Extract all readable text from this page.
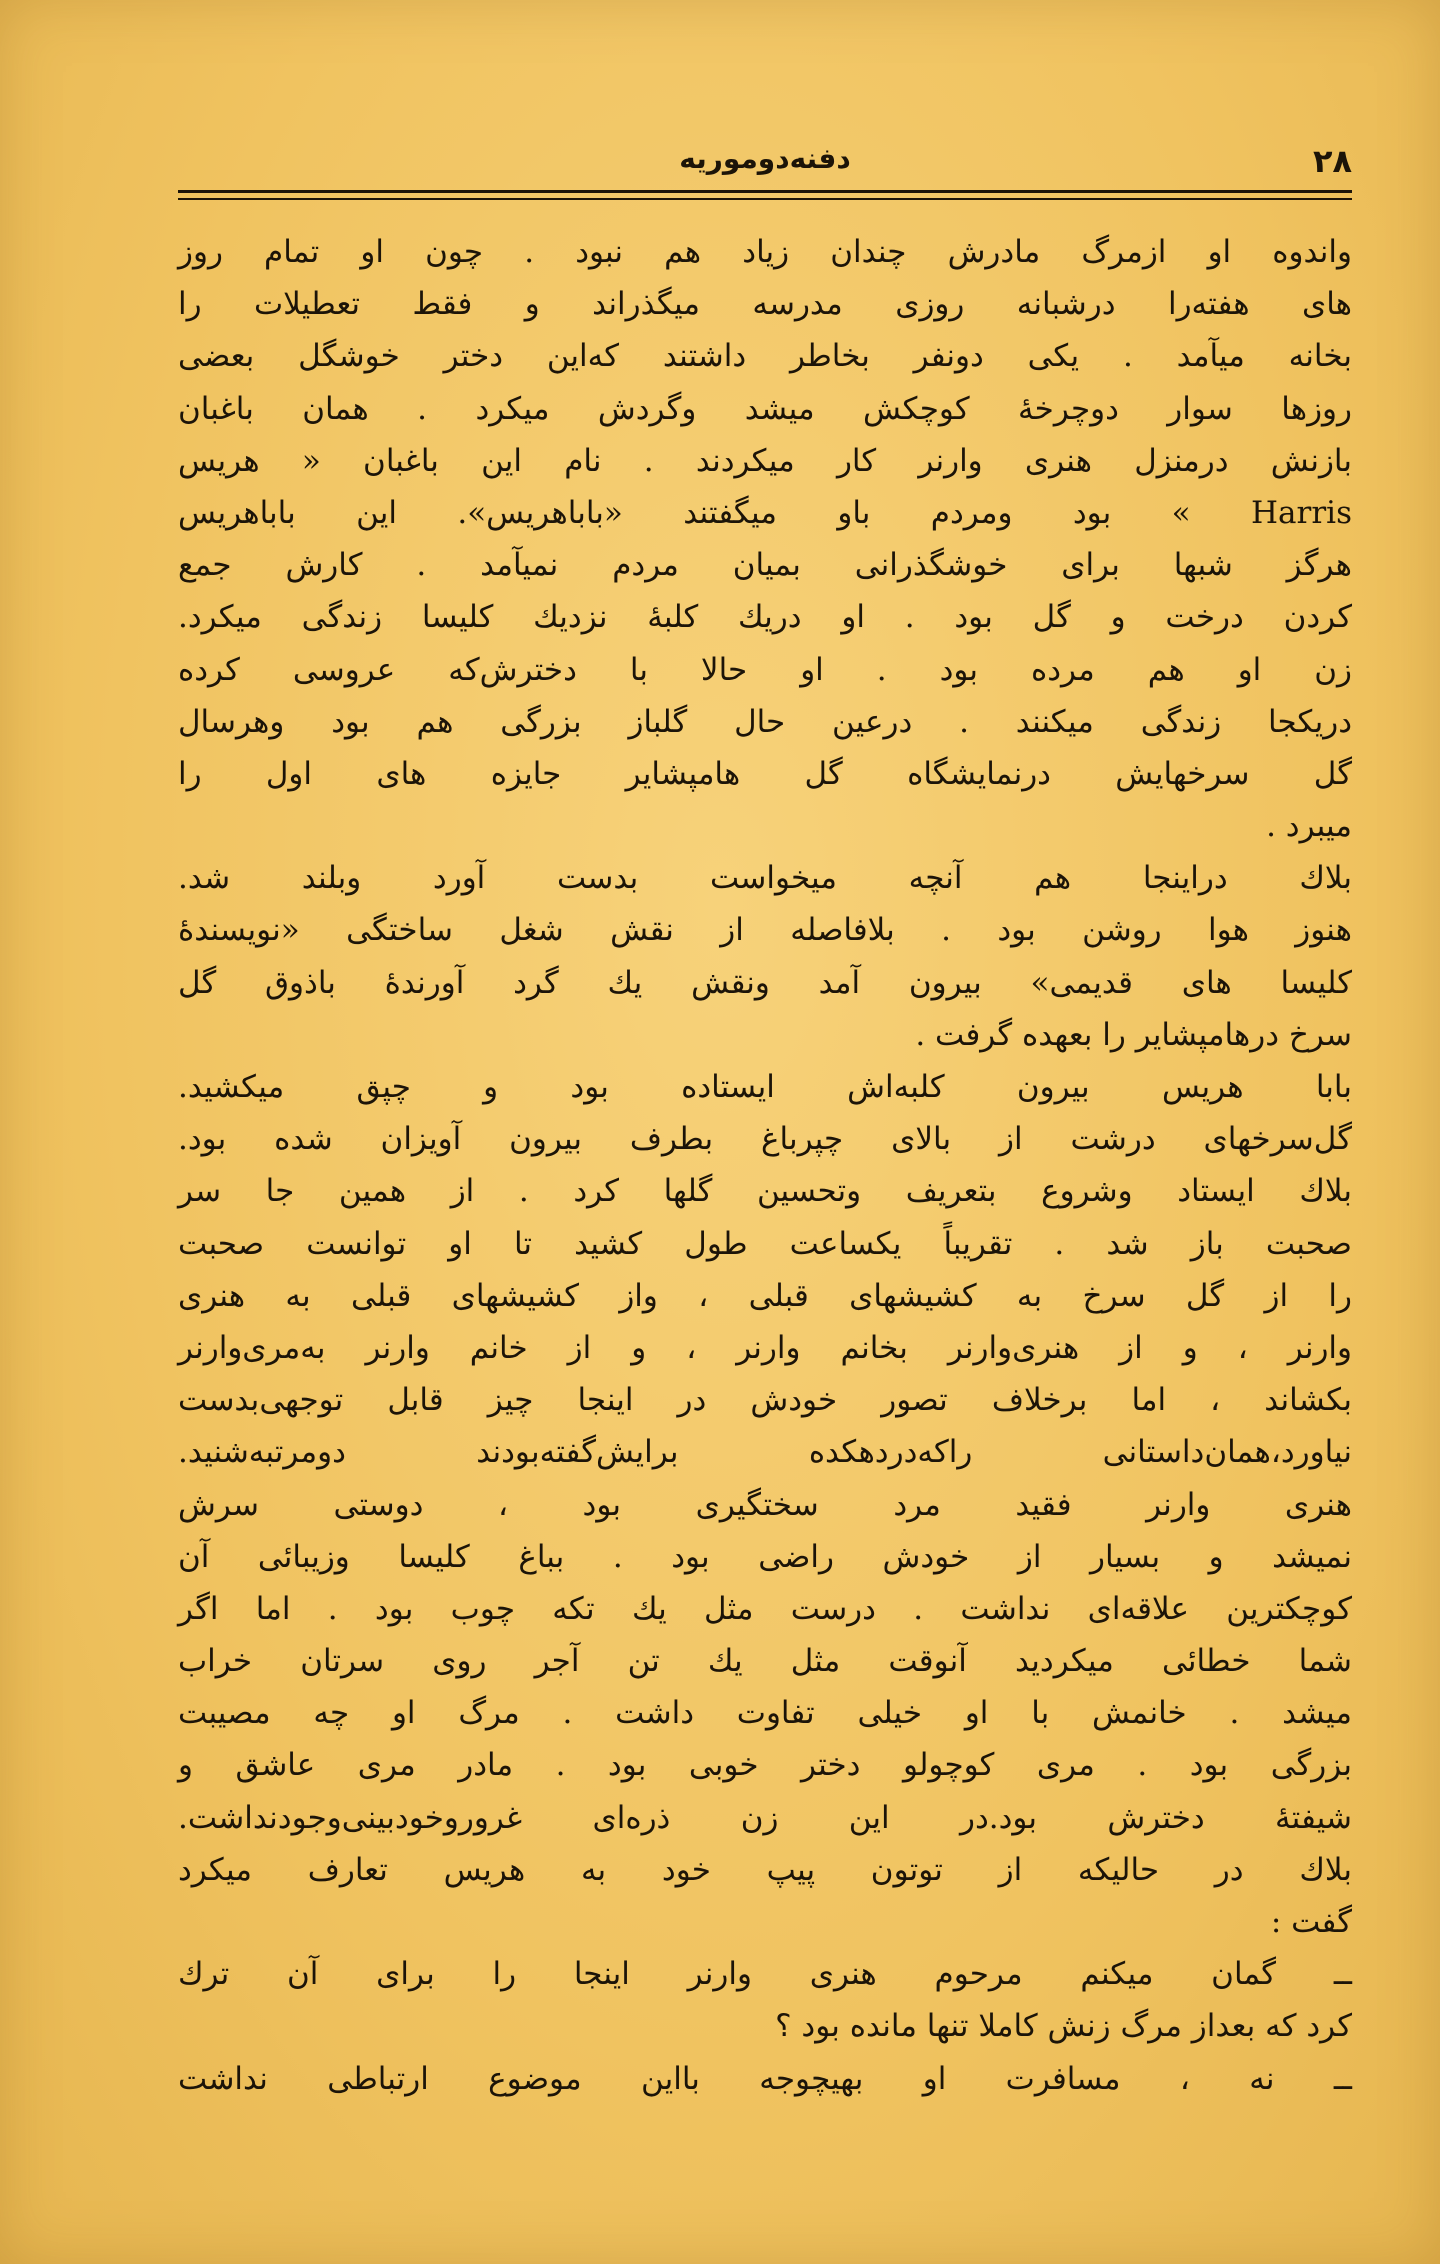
دفنه‌دوموریه	۲۸
واندوه او ازمرگ مادرش چندان زیاد هم نبود . چون او تمام روز
های هفته‌را درشبانه روزی مدرسه میگذراند و فقط تعطیلات را
بخانه میآمد . یکی دونفر بخاطر داشتند که‌این دختر خوشگل بعضی
روزها سوار دوچرخهٔ کوچکش میشد وگردش میکرد . همان باغبان
بازنش درمنزل هنری وارنر کار میکردند . نام این باغبان « هریس
Harris » بود ومردم باو میگفتند «باباهریس». این باباهریس
هرگز شبها برای خوشگذرانی بمیان مردم نمیآمد . کارش جمع
کردن درخت و گل بود . او دریك کلبهٔ نزدیك کلیسا زندگی میکرد.
زن او هم مرده بود . او حالا با دخترش‌که عروسی کرده
دریکجا زندگی میکنند . درعین حال گلباز بزرگی هم بود وهرسال
گل سرخهایش درنمایشگاه گل هامپشایر جایزه های اول را
میبرد .
بلاك دراینجا هم آنچه میخواست بدست آورد وبلند شد.
هنوز هوا روشن بود . بلافاصله از نقش شغل ساختگی «نویسندهٔ
کلیسا های قدیمی» بیرون آمد ونقش یك گرد آورندهٔ باذوق گل
سرخ درهامپشایر را بعهده گرفت .
بابا هریس بیرون کلبه‌اش ایستاده بود و چپق میکشید.
گل‌سرخهای درشت از بالای چپرباغ بطرف بیرون آویزان شده بود.
بلاك ایستاد وشروع بتعریف وتحسین گلها کرد . از همین جا سر
صحبت باز شد . تقریباً یکساعت طول کشید تا او توانست صحبت
را از گل سرخ به کشیشهای قبلی ، واز کشیشهای قبلی به هنری
وارنر ، و از هنری‌وارنر بخانم وارنر ، و از خانم وارنر به‌مری‌وارنر
بکشاند ، اما برخلاف تصور خودش در اینجا چیز قابل توجهی‌بدست
نیاورد،همان‌داستانی راکه‌دردهکده برایش‌گفته‌بودند دومرتبه‌شنید.
هنری وارنر فقید مرد سختگیری بود ، دوستی سرش
نمیشد و بسیار از خودش راضی بود . بباغ کلیسا وزیبائی آن
کوچکترین علاقه‌ای نداشت . درست مثل یك تکه چوب بود . اما اگر
شما خطائی میکردید آنوقت مثل یك تن آجر روی سرتان خراب
میشد . خانمش با او خیلی تفاوت داشت . مرگ او چه مصیبت
بزرگی بود . مری کوچولو دختر خوبی بود . مادر مری عاشق و
شیفتهٔ دخترش بود.در این زن ذره‌ای غرورو‌خودبینی‌وجودنداشت.
بلاك در حالیکه از توتون پیپ خود به هریس تعارف میکرد
گفت :
ــ گمان میکنم مرحوم هنری وارنر اینجا را برای آن ترك
کرد که بعداز مرگ زنش کاملا تنها مانده بود ؟
ــ نه ، مسافرت او بهیچوجه بااین موضوع ارتباطی نداشت
